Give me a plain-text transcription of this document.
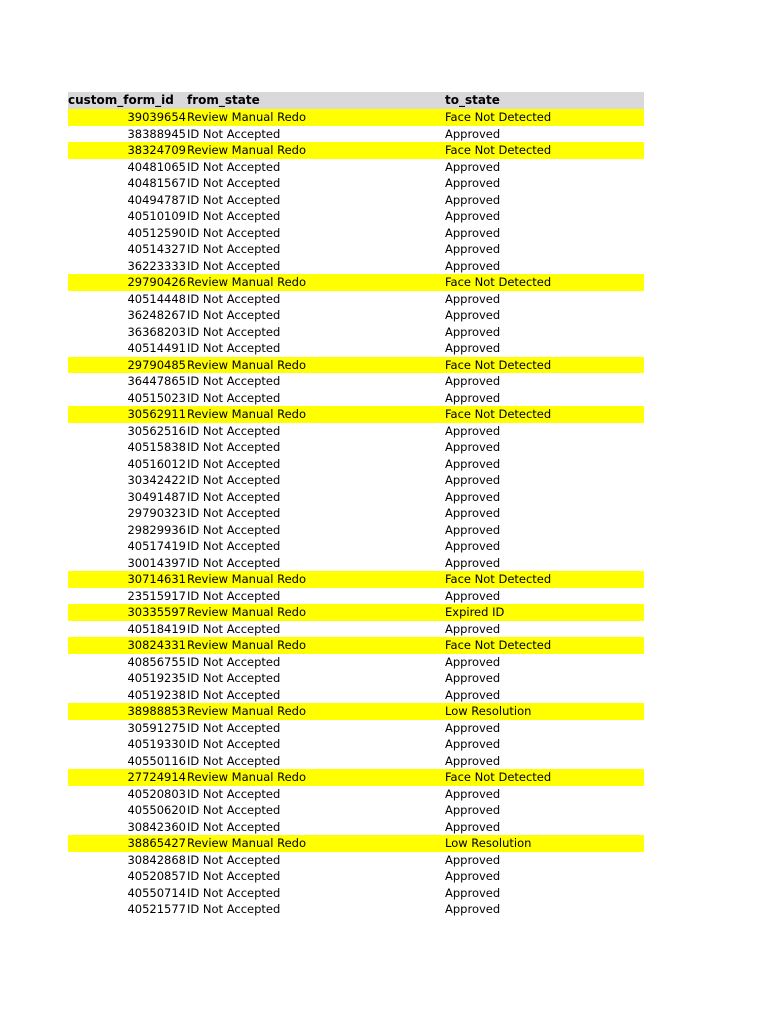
custom_form_id	from_state	to_state
39039654 Review Manual Redo	Face Not Detected
38388945 ID Not Accepted	Approved
38324709 Review Manual Redo	Face Not Detected
40481065 ID Not Accepted	Approved
40481567 ID Not Accepted	Approved
40494787 ID Not Accepted	Approved
40510109 ID Not Accepted	Approved
40512590 ID Not Accepted	Approved
40514327 ID Not Accepted	Approved
36223333 ID Not Accepted	Approved
29790426 Review Manual Redo	Face Not Detected
40514448 ID Not Accepted	Approved
36248267 ID Not Accepted	Approved
36368203 ID Not Accepted	Approved
40514491 ID Not Accepted	Approved
29790485 Review Manual Redo	Face Not Detected
36447865 ID Not Accepted	Approved
40515023 ID Not Accepted	Approved
30562911 Review Manual Redo	Face Not Detected
30562516 ID Not Accepted	Approved
40515838 ID Not Accepted	Approved
40516012 ID Not Accepted	Approved
30342422 ID Not Accepted	Approved
30491487 ID Not Accepted	Approved
29790323 ID Not Accepted	Approved
29829936 ID Not Accepted	Approved
40517419 ID Not Accepted	Approved
30014397 ID Not Accepted	Approved
30714631 Review Manual Redo	Face Not Detected
23515917 ID Not Accepted	Approved
30335597 Review Manual Redo	Expired ID
40518419 ID Not Accepted	Approved
30824331 Review Manual Redo	Face Not Detected
40856755 ID Not Accepted	Approved
40519235 ID Not Accepted	Approved
40519238 ID Not Accepted	Approved
38988853 Review Manual Redo	Low Resolution
30591275 ID Not Accepted	Approved
40519330 ID Not Accepted	Approved
40550116 ID Not Accepted	Approved
27724914 Review Manual Redo	Face Not Detected
40520803 ID Not Accepted	Approved
40550620 ID Not Accepted	Approved
30842360 ID Not Accepted	Approved
38865427 Review Manual Redo	Low Resolution
30842868 ID Not Accepted	Approved
40520857 ID Not Accepted	Approved
40550714 ID Not Accepted	Approved
40521577 ID Not Accepted	Approved
